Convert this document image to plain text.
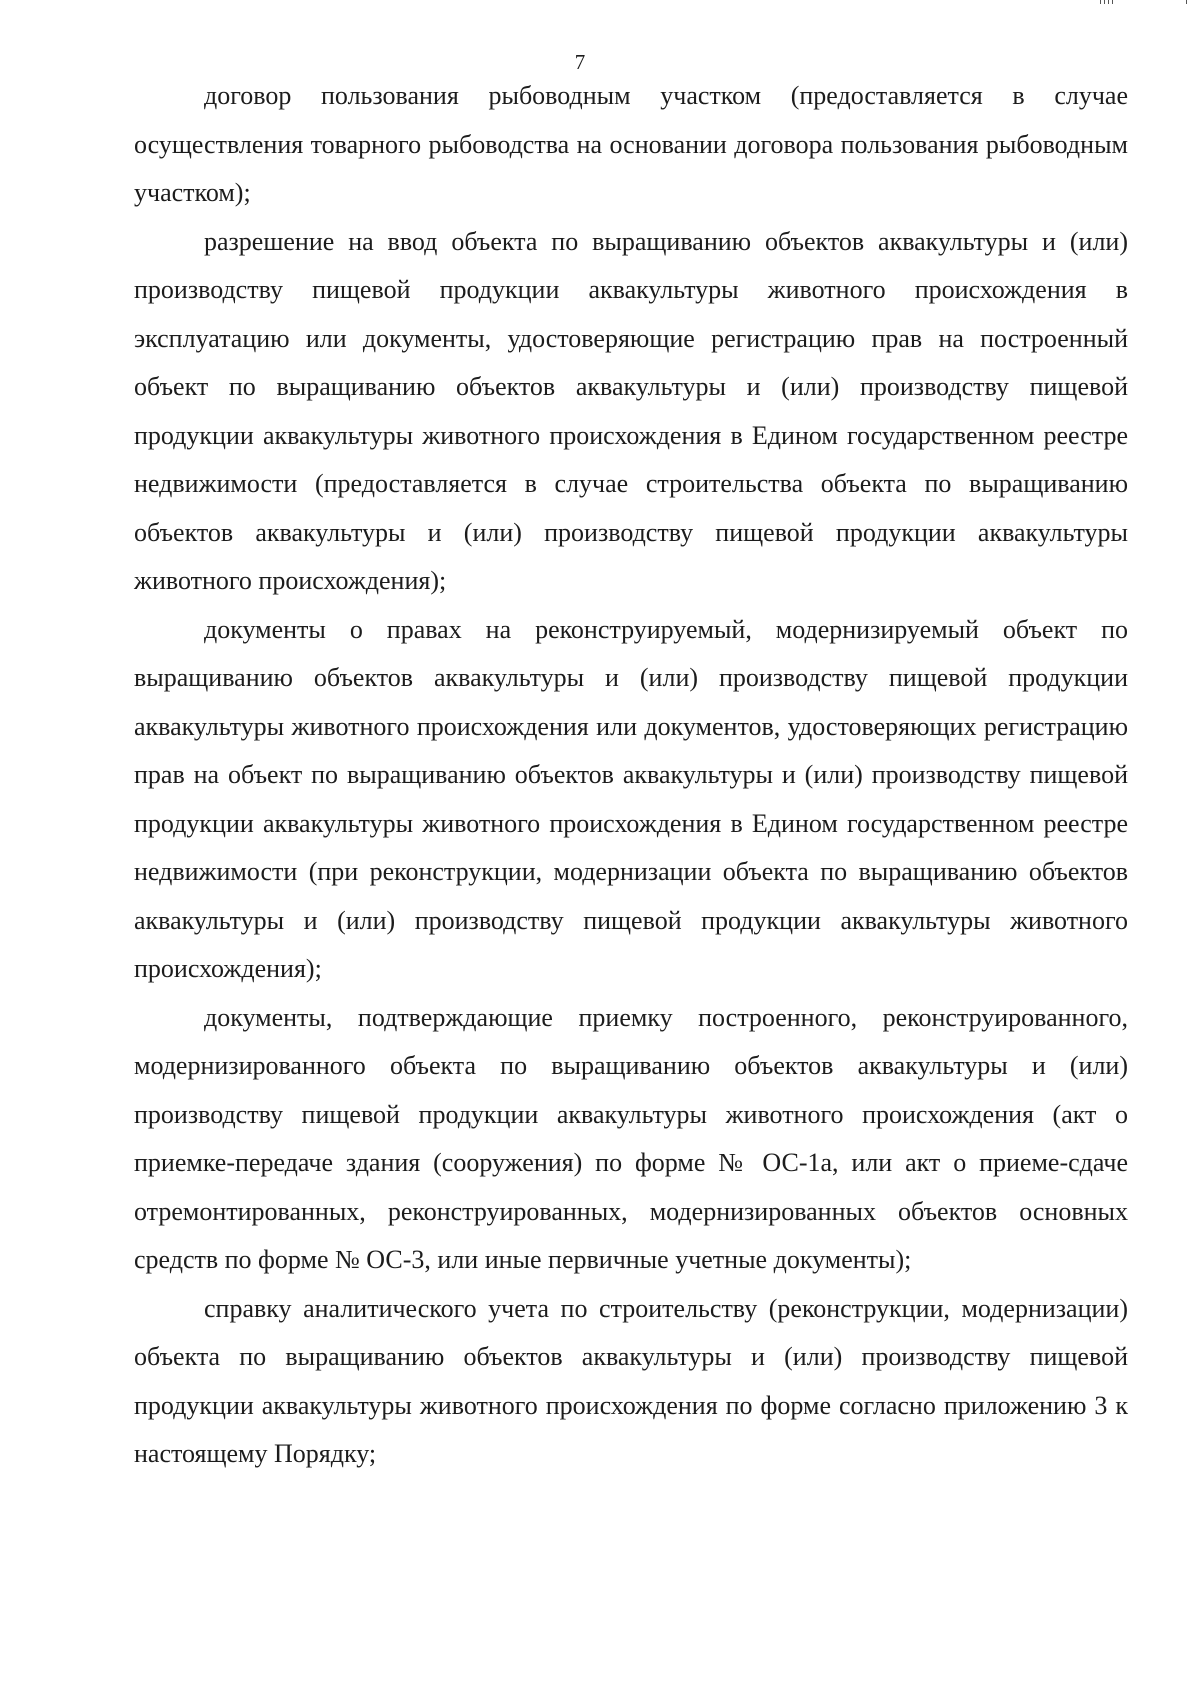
7

договор пользования рыбоводным участком (предоставляется в случае осуществления товарного рыбоводства на основании договора пользования рыбоводным участком);

разрешение на ввод объекта по выращиванию объектов аквакультуры и (или) производству пищевой продукции аквакультуры животного происхождения в эксплуатацию или документы, удостоверяющие регистрацию прав на построенный объект по выращиванию объектов аквакультуры и (или) производству пищевой продукции аквакультуры животного происхождения в Едином государственном реестре недвижимости (предоставляется в случае строительства объекта по выращиванию объектов аквакультуры и (или) производству пищевой продукции аквакультуры животного происхождения);

документы о правах на реконструируемый, модернизируемый объект по выращиванию объектов аквакультуры и (или) производству пищевой продукции аквакультуры животного происхождения или документов, удостоверяющих регистрацию прав на объект по выращиванию объектов аквакультуры и (или) производству пищевой продукции аквакультуры животного происхождения в Едином государственном реестре недвижимости (при реконструкции, модернизации объекта по выращиванию объектов аквакультуры и (или) производству пищевой продукции аквакультуры животного происхождения);

документы, подтверждающие приемку построенного, реконструированного, модернизированного объекта по выращиванию объектов аквакультуры и (или) производству пищевой продукции аквакультуры животного происхождения (акт о приемке-передаче здания (сооружения) по форме № ОС-1а, или акт о приеме-сдаче отремонтированных, реконструированных, модернизированных объектов основных средств по форме № ОС-3, или иные первичные учетные документы);

справку аналитического учета по строительству (реконструкции, модернизации) объекта по выращиванию объектов аквакультуры и (или) производству пищевой продукции аквакультуры животного происхождения по форме согласно приложению 3 к настоящему Порядку;
